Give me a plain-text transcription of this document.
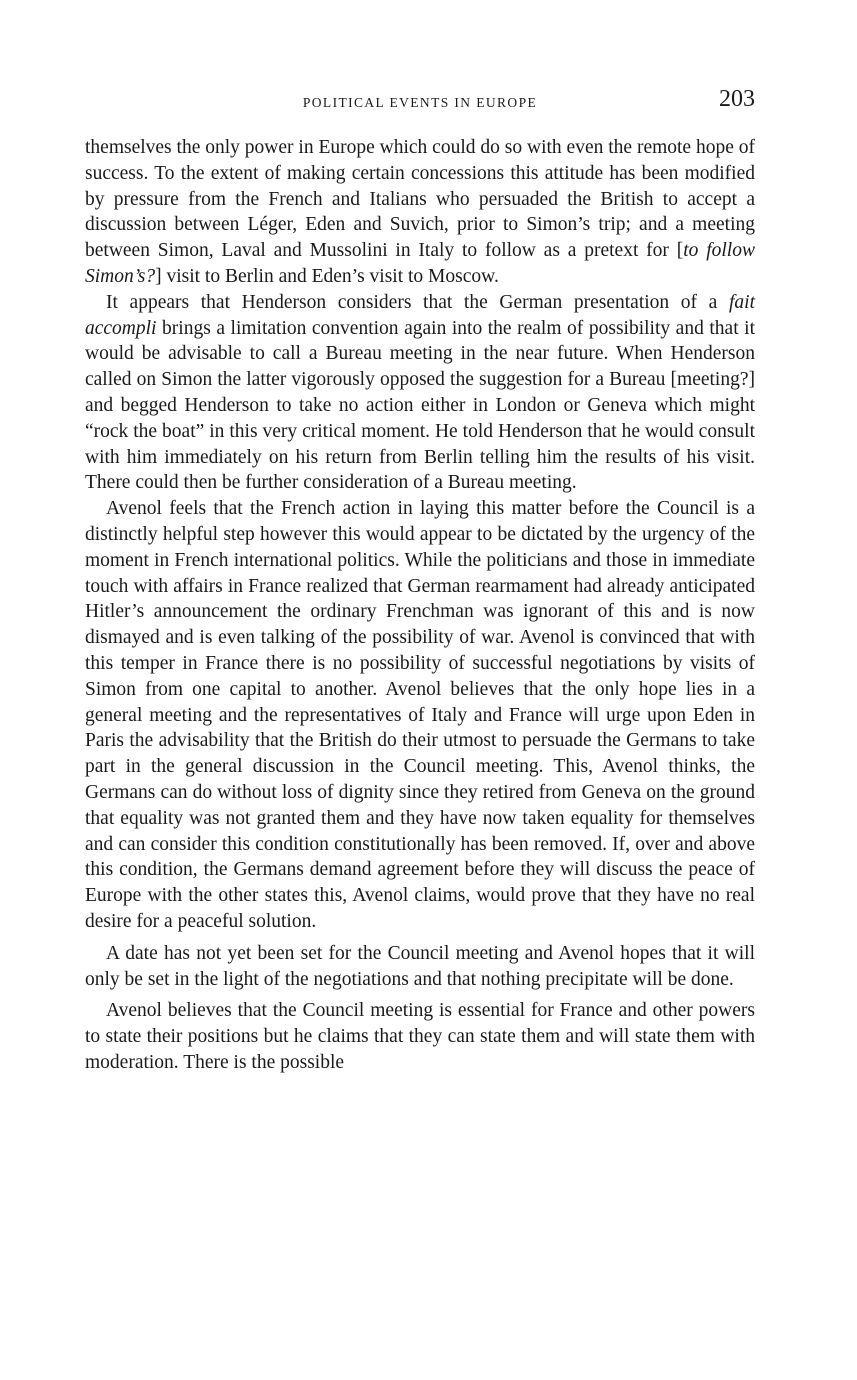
POLITICAL EVENTS IN EUROPE	203

themselves the only power in Europe which could do so with even the remote hope of success. To the extent of making certain concessions this attitude has been modified by pressure from the French and Italians who persuaded the British to accept a discussion between Léger, Eden and Suvich, prior to Simon’s trip; and a meeting between Simon, Laval and Mussolini in Italy to follow as a pretext for [to follow Simon’s?] visit to Berlin and Eden’s visit to Moscow.

It appears that Henderson considers that the German presentation of a fait accompli brings a limitation convention again into the realm of possibility and that it would be advisable to call a Bureau meeting in the near future. When Henderson called on Simon the latter vigorously opposed the suggestion for a Bureau [meeting?] and begged Henderson to take no action either in London or Geneva which might “rock the boat” in this very critical moment. He told Henderson that he would consult with him immediately on his return from Berlin telling him the results of his visit. There could then be further consideration of a Bureau meeting.

Avenol feels that the French action in laying this matter before the Council is a distinctly helpful step however this would appear to be dictated by the urgency of the moment in French international politics. While the politicians and those in immediate touch with affairs in France realized that German rearmament had already anticipated Hitler’s announcement the ordinary Frenchman was ignorant of this and is now dismayed and is even talking of the possibility of war. Avenol is convinced that with this temper in France there is no possibility of successful negotiations by visits of Simon from one capital to another. Avenol believes that the only hope lies in a general meeting and the representatives of Italy and France will urge upon Eden in Paris the advisability that the British do their utmost to persuade the Germans to take part in the general discussion in the Council meeting. This, Avenol thinks, the Germans can do without loss of dignity since they retired from Geneva on the ground that equality was not granted them and they have now taken equality for themselves and can consider this condition constitutionally has been removed. If, over and above this condition, the Germans demand agreement before they will discuss the peace of Europe with the other states this, Avenol claims, would prove that they have no real desire for a peaceful solution.

A date has not yet been set for the Council meeting and Avenol hopes that it will only be set in the light of the negotiations and that nothing precipitate will be done.

Avenol believes that the Council meeting is essential for France and other powers to state their positions but he claims that they can state them and will state them with moderation. There is the possible
